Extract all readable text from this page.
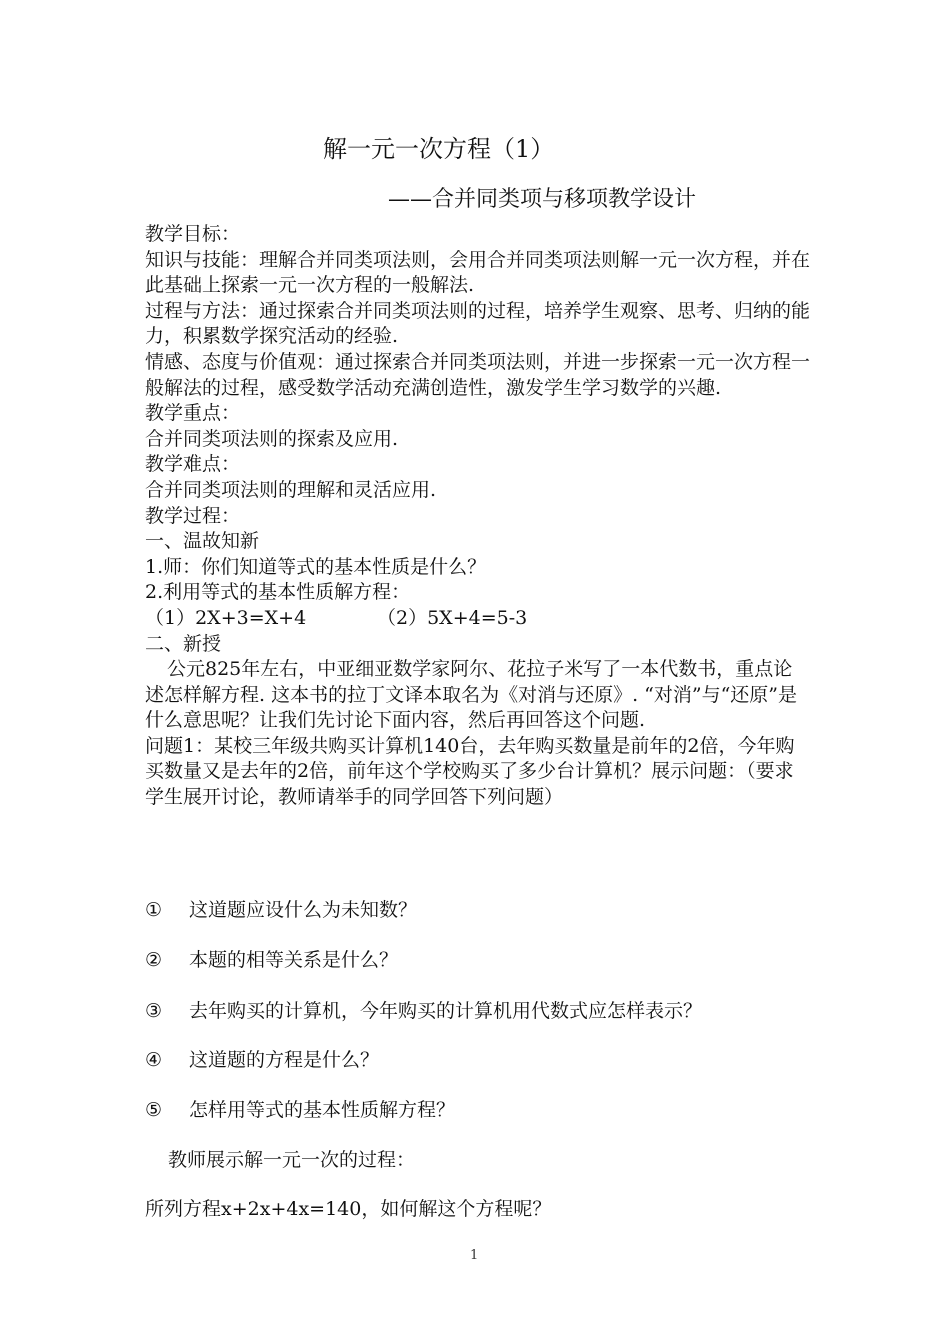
解一元一次方程（1）
——合并同类项与移项教学设计

教学目标：

知识与技能：理解合并同类项法则，会用合并同类项法则解一元一次方程，并在此基础上探索一元一次方程的一般解法.

过程与方法：通过探索合并同类项法则的过程，培养学生观察、思考、归纳的能力，积累数学探究活动的经验.

情感、态度与价值观：通过探索合并同类项法则，并进一步探索一元一次方程一般解法的过程，感受数学活动充满创造性，激发学生学习数学的兴趣.

教学重点：

合并同类项法则的探索及应用.

教学难点：

合并同类项法则的理解和灵活应用.

教学过程：

一、温故知新

1.师：你们知道等式的基本性质是什么？

2.利用等式的基本性质解方程：

（1）2X+3=X+4	（2）5X+4=5-3

二、新授

公元825年左右，中亚细亚数学家阿尔、花拉子米写了一本代数书，重点论述怎样解方程. 这本书的拉丁文译本取名为《对消与还原》. “对消”与“还原”是什么意思呢？让我们先讨论下面内容，然后再回答这个问题.

问题1：某校三年级共购买计算机140台，去年购买数量是前年的2倍，今年购买数量又是去年的2倍，前年这个学校购买了多少台计算机？展示问题：（要求学生展开讨论，教师请举手的同学回答下列问题）

① 这道题应设什么为未知数？
② 本题的相等关系是什么？
③ 去年购买的计算机，今年购买的计算机用代数式应怎样表示？
④ 这道题的方程是什么？
⑤ 怎样用等式的基本性质解方程？
教师展示解一元一次的过程：
所列方程x+2x+4x=140，如何解这个方程呢？
1
